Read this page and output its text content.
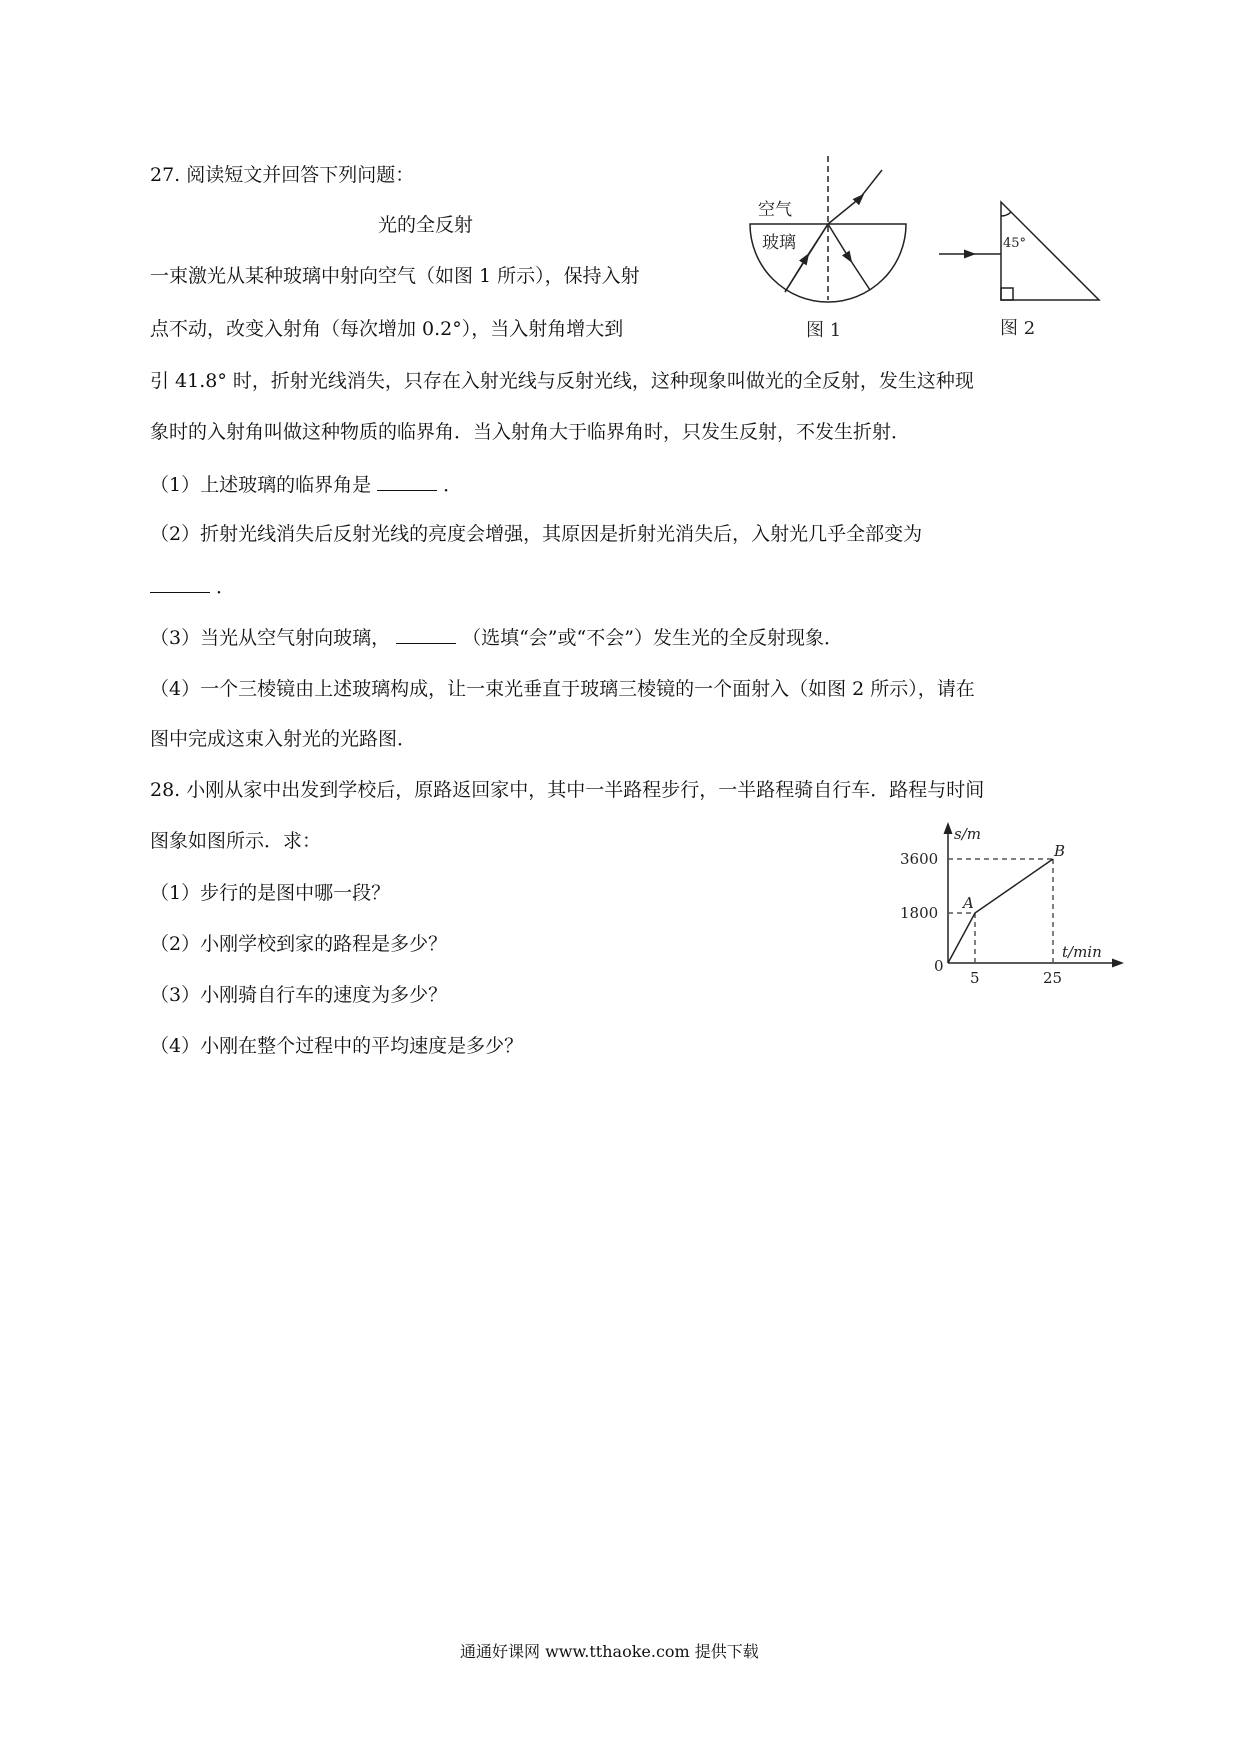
27. 阅读短文并回答下列问题：
光的全反射
一束激光从某种玻璃中射向空气（如图 1 所示），保持入射
点不动，改变入射角（每次增加 0.2°），当入射角增大到
引 41.8° 时，折射光线消失，只存在入射光线与反射光线，这种现象叫做光的全反射，发生这种现
象时的入射角叫做这种物质的临界角．当入射角大于临界角时，只发生反射，不发生折射．
（1）上述玻璃的临界角是	．
（2）折射光线消失后反射光线的亮度会增强，其原因是折射光消失后，入射光几乎全部变为
．
（3）当光从空气射向玻璃，	（选填“会”或“不会”）发生光的全反射现象．
（4）一个三棱镜由上述玻璃构成，让一束光垂直于玻璃三棱镜的一个面射入（如图 2 所示），请在
图中完成这束入射光的光路图．
28. 小刚从家中出发到学校后，原路返回家中，其中一半路程步行，一半路程骑自行车．路程与时间
图象如图所示．求：
（1）步行的是图中哪一段？
（2）小刚学校到家的路程是多少？
（3）小刚骑自行车的速度为多少？
（4）小刚在整个过程中的平均速度是多少？
通通好课网 www.tthaoke.com 提供下载
空气
玻璃
图 1
45°
图 2
s/m
t/min
0
1800
3600
5	25
A
B
